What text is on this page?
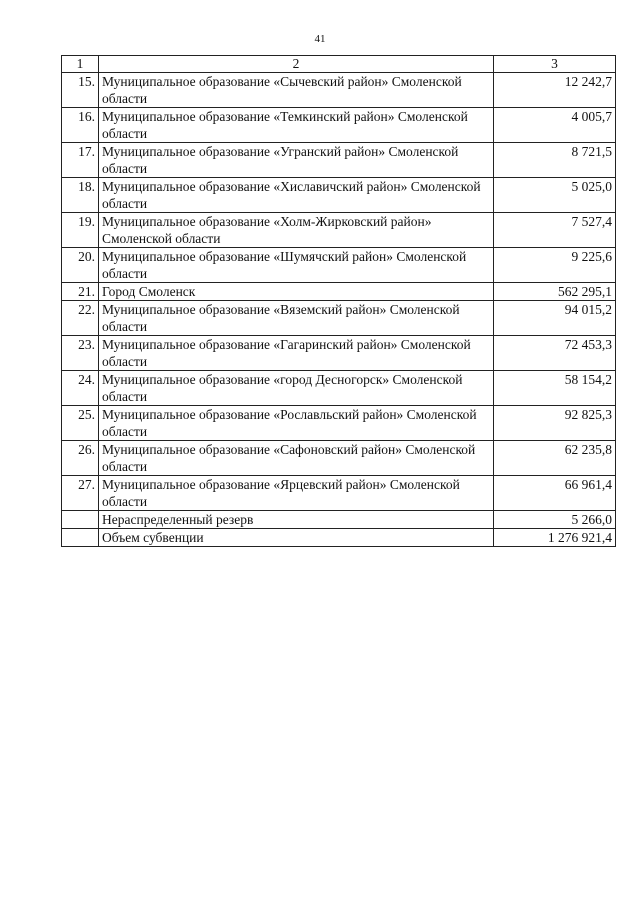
41
1	2	3
15.	Муниципальное образование «Сычевский район» Смоленской области	12 242,7
16.	Муниципальное образование «Темкинский район» Смоленской области	4 005,7
17.	Муниципальное образование «Угранский район» Смоленской области	8 721,5
18.	Муниципальное образование «Хиславичский район» Смоленской области	5 025,0
19.	Муниципальное образование «Холм-Жирковский район» Смоленской области	7 527,4
20.	Муниципальное образование «Шумячский район» Смоленской области	9 225,6
21.	Город Смоленск	562 295,1
22.	Муниципальное образование «Вяземский район» Смоленской области	94 015,2
23.	Муниципальное образование «Гагаринский район» Смоленской области	72 453,3
24.	Муниципальное образование «город Десногорск» Смоленской области	58 154,2
25.	Муниципальное образование «Рославльский район» Смоленской области	92 825,3
26.	Муниципальное образование «Сафоновский район» Смоленской области	62 235,8
27.	Муниципальное образование «Ярцевский район» Смоленской области	66 961,4
	Нераспределенный резерв	5 266,0
	Объем субвенции	1 276 921,4
